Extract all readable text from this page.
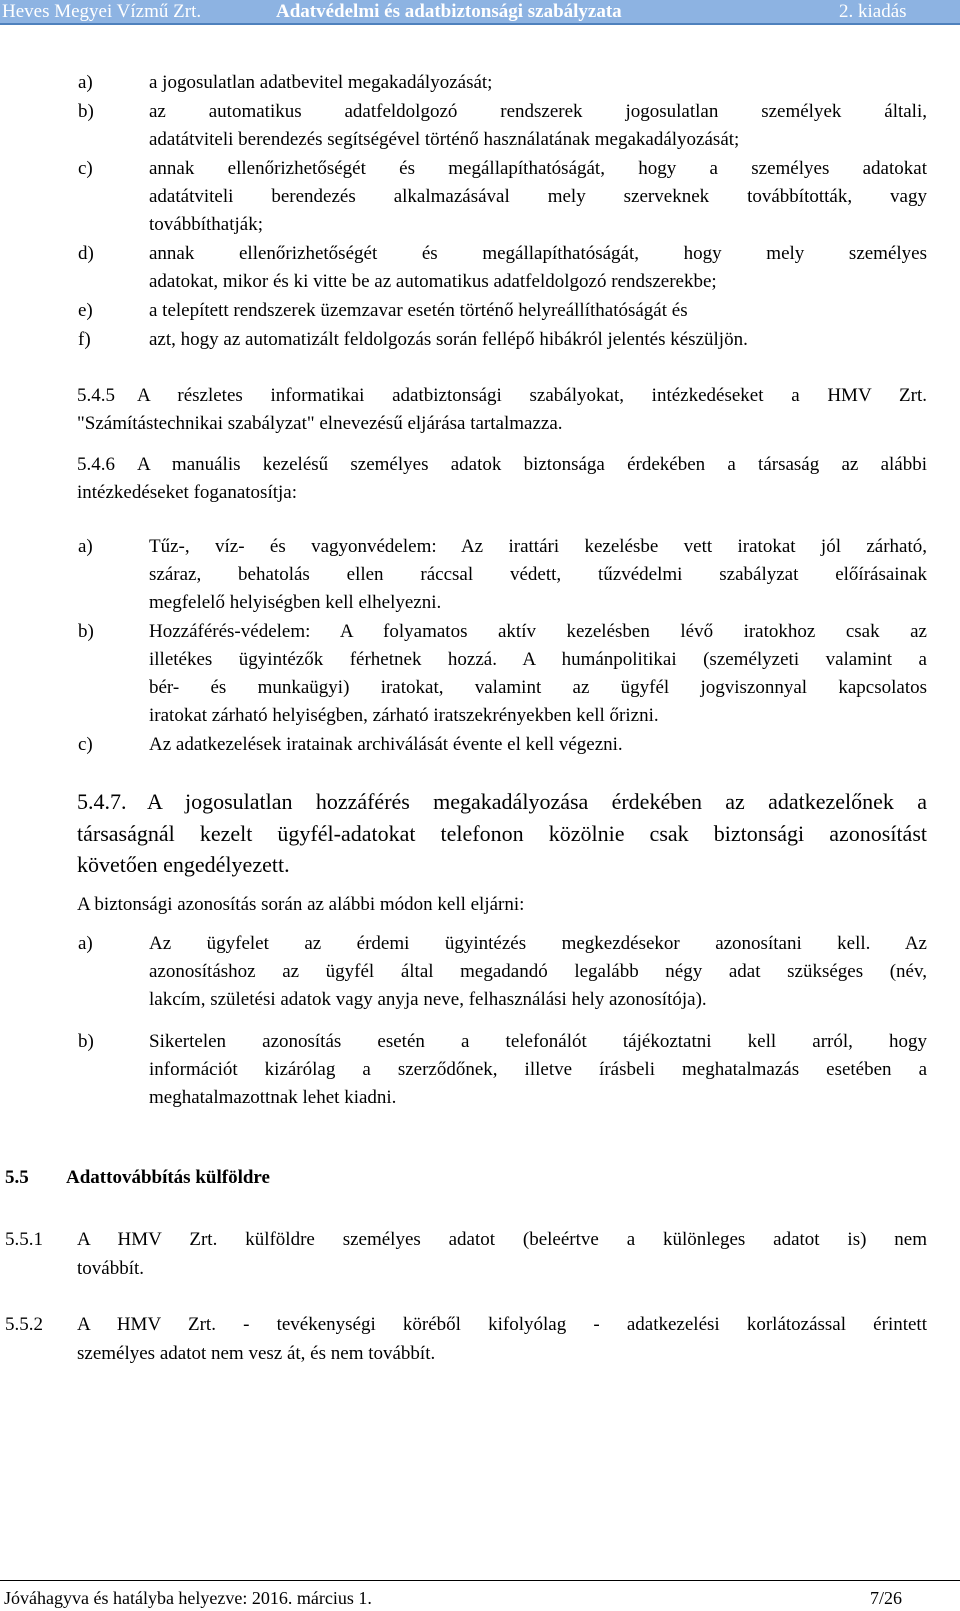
Heves Megyei Vízmű Zrt.	Adatvédelmi és adatbiztonsági szabályzata	2. kiadás
a)	a jogosulatlan adatbevitel megakadályozását;
b)	az automatikus adatfeldolgozó rendszerek jogosulatlan személyek általi,
adatátviteli berendezés segítségével történő használatának megakadályozását;
c)	annak ellenőrizhetőségét és megállapíthatóságát, hogy a személyes adatokat
adatátviteli berendezés alkalmazásával mely szerveknek továbbították, vagy
továbbíthatják;
d)	annak ellenőrizhetőségét és megállapíthatóságát, hogy mely személyes
adatokat, mikor és ki vitte be az automatikus adatfeldolgozó rendszerekbe;
e)	a telepített rendszerek üzemzavar esetén történő helyreállíthatóságát és
f)	azt, hogy az automatizált feldolgozás során fellépő hibákról jelentés készüljön.
5.4.5 A részletes informatikai adatbiztonsági szabályokat, intézkedéseket a HMV Zrt.
"Számítástechnikai szabályzat" elnevezésű eljárása tartalmazza.
5.4.6 A manuális kezelésű személyes adatok biztonsága érdekében a társaság az alábbi
intézkedéseket foganatosítja:
a)	Tűz-, víz- és vagyonvédelem: Az irattári kezelésbe vett iratokat jól zárható,
száraz, behatolás ellen ráccsal védett, tűzvédelmi szabályzat előírásainak
megfelelő helyiségben kell elhelyezni.
b)	Hozzáférés-védelem: A folyamatos aktív kezelésben lévő iratokhoz csak az
illetékes ügyintézők férhetnek hozzá. A humánpolitikai (személyzeti valamint a
bér- és munkaügyi) iratokat, valamint az ügyfél jogviszonnyal kapcsolatos
iratokat zárható helyiségben, zárható iratszekrényekben kell őrizni.
c)	Az adatkezelések iratainak archiválását évente el kell végezni.
5.4.7. A jogosulatlan hozzáférés megakadályozása érdekében az adatkezelőnek a
társaságnál kezelt ügyfél-adatokat telefonon közölnie csak biztonsági azonosítást
követően engedélyezett.
A biztonsági azonosítás során az alábbi módon kell eljárni:
a)	Az ügyfelet az érdemi ügyintézés megkezdésekor azonosítani kell. Az
azonosításhoz az ügyfél által megadandó legalább négy adat szükséges (név,
lakcím, születési adatok vagy anyja neve, felhasználási hely azonosítója).
b)	Sikertelen azonosítás esetén a telefonálót tájékoztatni kell arról, hogy
információt kizárólag a szerződőnek, illetve írásbeli meghatalmazás esetében a
meghatalmazottnak lehet kiadni.
5.5 Adattovábbítás külföldre
5.5.1 A HMV Zrt. külföldre személyes adatot (beleértve a különleges adatot is) nem
továbbít.
5.5.2 A HMV Zrt. - tevékenységi köréből kifolyólag - adatkezelési korlátozással érintett
személyes adatot nem vesz át, és nem továbbít.
Jóváhagyva és hatályba helyezve: 2016. március 1.	7/26
